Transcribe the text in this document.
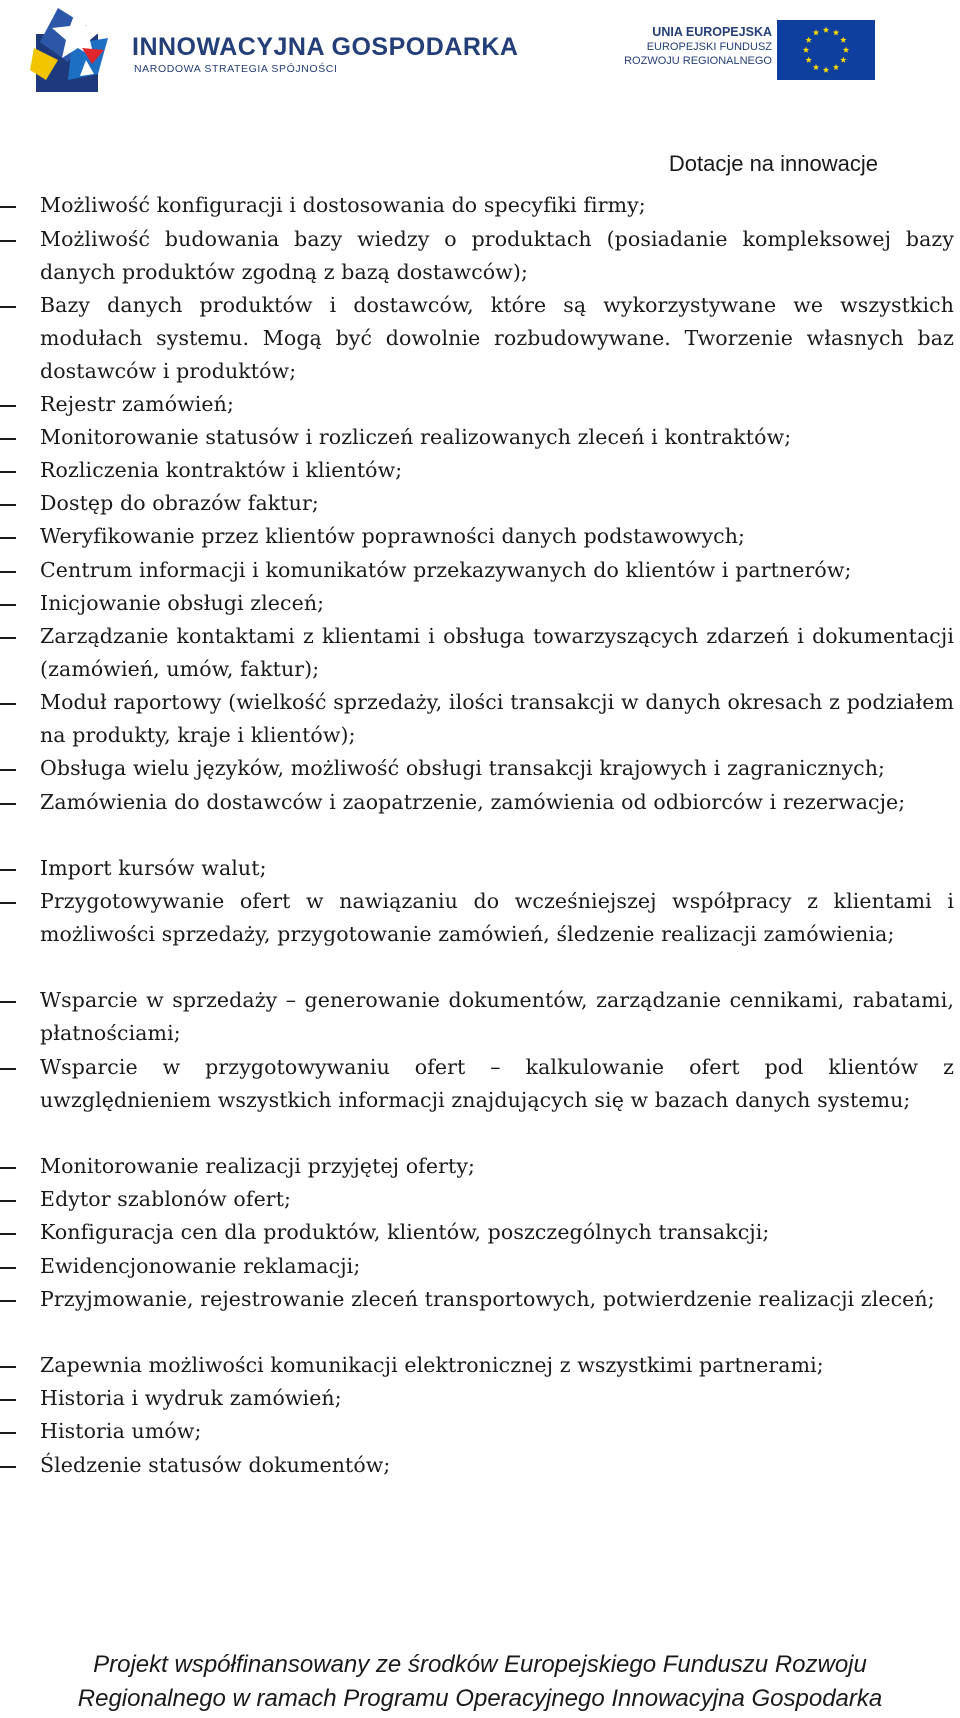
INNOWACYJNA GOSPODARKA
NARODOWA STRATEGIA SPÓJNOŚCI
UNIA EUROPEJSKA
EUROPEJSKI FUNDUSZ
ROZWOJU REGIONALNEGO
Dotacje na innowacje
Możliwość konfiguracji i dostosowania do specyfiki firmy;
Możliwość budowania bazy wiedzy o produktach (posiadanie kompleksowej bazy danych produktów zgodną z bazą dostawców);
Bazy danych produktów i dostawców, które są wykorzystywane we wszystkich modułach systemu. Mogą być dowolnie rozbudowywane. Tworzenie własnych baz dostawców i produktów;
Rejestr zamówień;
Monitorowanie statusów i rozliczeń realizowanych zleceń i kontraktów;
Rozliczenia kontraktów i klientów;
Dostęp do obrazów faktur;
Weryfikowanie przez klientów poprawności danych podstawowych;
Centrum informacji i komunikatów przekazywanych do klientów i partnerów;
Inicjowanie obsługi zleceń;
Zarządzanie kontaktami z klientami i obsługa towarzyszących zdarzeń i dokumentacji (zamówień, umów, faktur);
Moduł raportowy (wielkość sprzedaży, ilości transakcji w danych okresach z podziałem na produkty, kraje i klientów);
Obsługa wielu języków, możliwość obsługi transakcji krajowych i zagranicznych;
Zamówienia do dostawców i zaopatrzenie, zamówienia od odbiorców i rezerwacje;
Import kursów walut;
Przygotowywanie ofert w nawiązaniu do wcześniejszej współpracy z klientami i możliwości sprzedaży, przygotowanie zamówień, śledzenie realizacji zamówienia;
Wsparcie w sprzedaży – generowanie dokumentów, zarządzanie cennikami, rabatami, płatnościami;
Wsparcie w przygotowywaniu ofert – kalkulowanie ofert pod klientów z uwzględnieniem wszystkich informacji znajdujących się w bazach danych systemu;
Monitorowanie realizacji przyjętej oferty;
Edytor szablonów ofert;
Konfiguracja cen dla produktów, klientów, poszczególnych transakcji;
Ewidencjonowanie reklamacji;
Przyjmowanie, rejestrowanie zleceń transportowych, potwierdzenie realizacji zleceń;
Zapewnia możliwości komunikacji elektronicznej z wszystkimi partnerami;
Historia i wydruk zamówień;
Historia umów;
Śledzenie statusów dokumentów;
Projekt współfinansowany ze środków Europejskiego Funduszu Rozwoju
Regionalnego w ramach Programu Operacyjnego Innowacyjna Gospodarka
